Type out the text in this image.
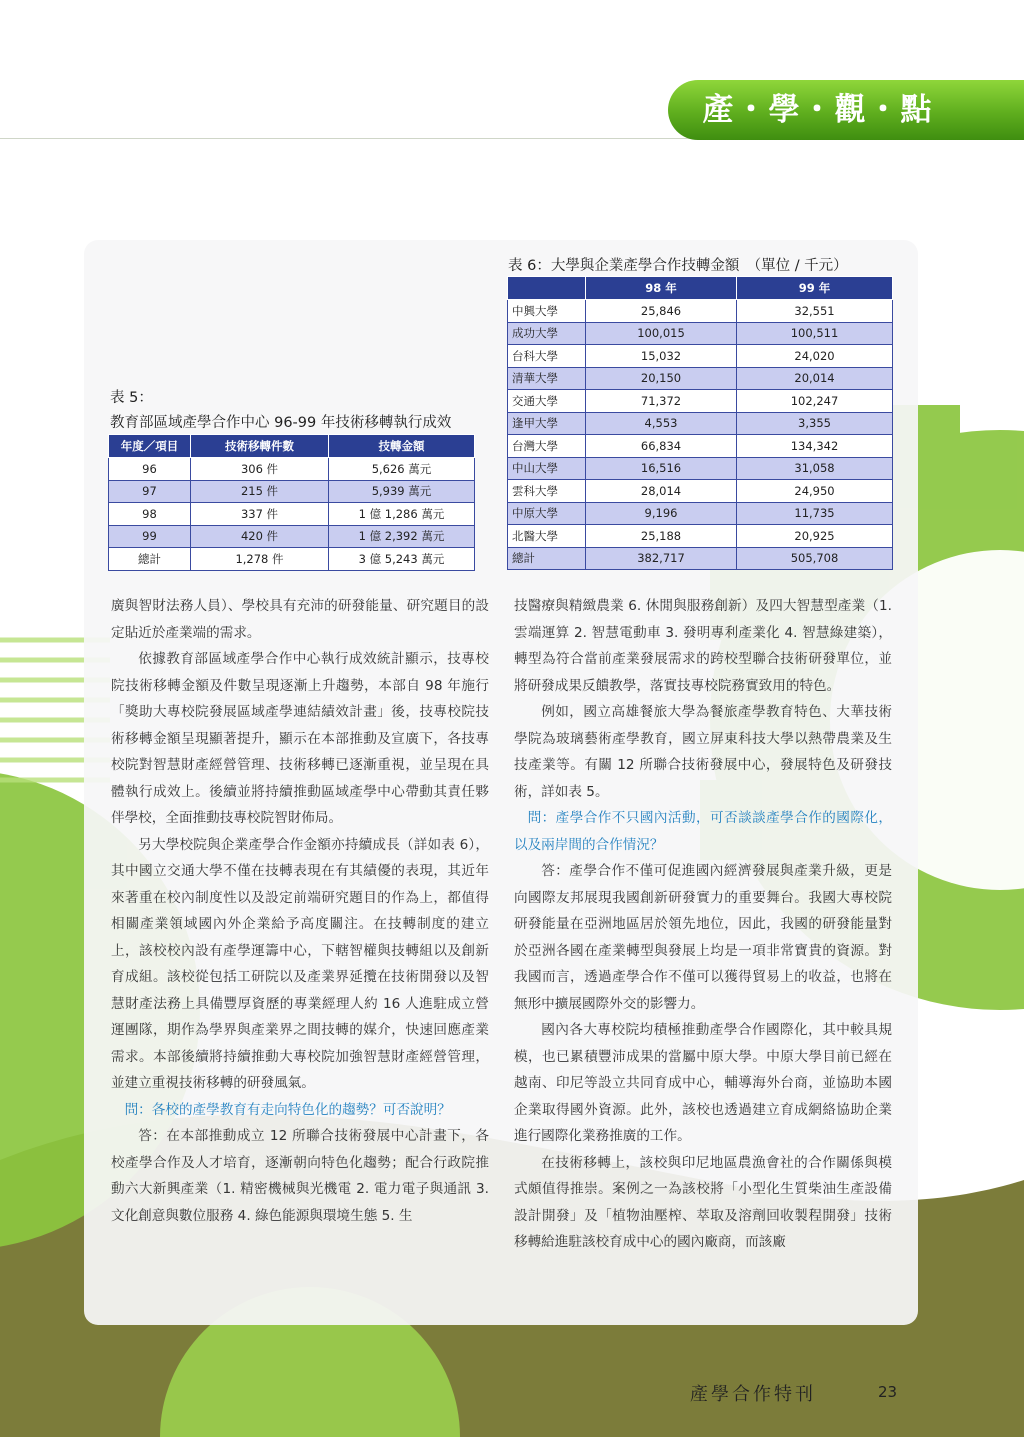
產・學・觀・點
表 5：
教育部區域產學合作中心 96-99 年技術移轉執行成效
年度／項目	技術移轉件數	技轉金額
96	306 件	5,626 萬元
97	215 件	5,939 萬元
98	337 件	1 億 1,286 萬元
99	420 件	1 億 2,392 萬元
總計	1,278 件	3 億 5,243 萬元
表 6：大學與企業產學合作技轉金額　（單位 / 千元）
	98 年	99 年
中興大學	25,846	32,551
成功大學	100,015	100,511
台科大學	15,032	24,020
清華大學	20,150	20,014
交通大學	71,372	102,247
逢甲大學	4,553	3,355
台灣大學	66,834	134,342
中山大學	16,516	31,058
雲科大學	28,014	24,950
中原大學	9,196	11,735
北醫大學	25,188	20,925
總計	382,717	505,708

廣與智財法務人員）、學校具有充沛的研發能量、研究題目的設定貼近於產業端的需求。

依據教育部區域產學合作中心執行成效統計顯示，技專校院技術移轉金額及件數呈現逐漸上升趨勢，本部自 98 年施行「獎助大專校院發展區域產學連結績效計畫」後，技專校院技術移轉金額呈現顯著提升，顯示在本部推動及宣廣下，各技專校院對智慧財產經營管理、技術移轉已逐漸重視，並呈現在具體執行成效上。後續並將持續推動區域產學中心帶動其責任夥伴學校，全面推動技專校院智財佈局。

另大學校院與企業產學合作金額亦持續成長（詳如表 6），其中國立交通大學不僅在技轉表現在有其績優的表現，其近年來著重在校內制度性以及設定前端研究題目的作為上，都值得相關產業領域國內外企業給予高度關注。在技轉制度的建立上，該校校內設有產學運籌中心，下轄智權與技轉組以及創新育成組。該校從包括工研院以及產業界延攬在技術開發以及智慧財產法務上具備豐厚資歷的專業經理人約 16 人進駐成立營運團隊，期作為學界與產業界之間技轉的媒介，快速回應產業需求。本部後續將持續推動大專校院加強智慧財產經營管理，並建立重視技術移轉的研發風氣。

問：各校的產學教育有走向特色化的趨勢？可否說明？

答：在本部推動成立 12 所聯合技術發展中心計畫下，各校產學合作及人才培育，逐漸朝向特色化趨勢；配合行政院推動六大新興產業（1. 精密機械與光機電 2. 電力電子與通訊 3. 文化創意與數位服務 4. 綠色能源與環境生態 5. 生

技醫療與精緻農業 6. 休閒與服務創新）及四大智慧型產業（1. 雲端運算 2. 智慧電動車 3. 發明專利產業化 4. 智慧綠建築），轉型為符合當前產業發展需求的跨校型聯合技術研發單位，並將研發成果反饋教學，落實技專校院務實致用的特色。

例如，國立高雄餐旅大學為餐旅產學教育特色、大華技術學院為玻璃藝術產學教育，國立屏東科技大學以熱帶農業及生技產業等。有關 12 所聯合技術發展中心，發展特色及研發技術，詳如表 5。

問：產學合作不只國內活動，可否談談產學合作的國際化，以及兩岸間的合作情況？

答：產學合作不僅可促進國內經濟發展與產業升級，更是向國際友邦展現我國創新研發實力的重要舞台。我國大專校院研發能量在亞洲地區居於領先地位，因此，我國的研發能量對於亞洲各國在產業轉型與發展上均是一項非常寶貴的資源。對我國而言，透過產學合作不僅可以獲得貿易上的收益，也將在無形中擴展國際外交的影響力。

國內各大專校院均積極推動產學合作國際化，其中較具規模，也已累積豐沛成果的當屬中原大學。中原大學目前已經在越南、印尼等設立共同育成中心，輔導海外台商，並協助本國企業取得國外資源。此外，該校也透過建立育成網絡協助企業進行國際化業務推廣的工作。

在技術移轉上，該校與印尼地區農漁會社的合作關係與模式頗值得推崇。案例之一為該校將「小型化生質柴油生產設備設計開發」及「植物油壓榨、萃取及溶劑回收製程開發」技術移轉給進駐該校育成中心的國內廠商，而該廠

產學合作特刊	23
